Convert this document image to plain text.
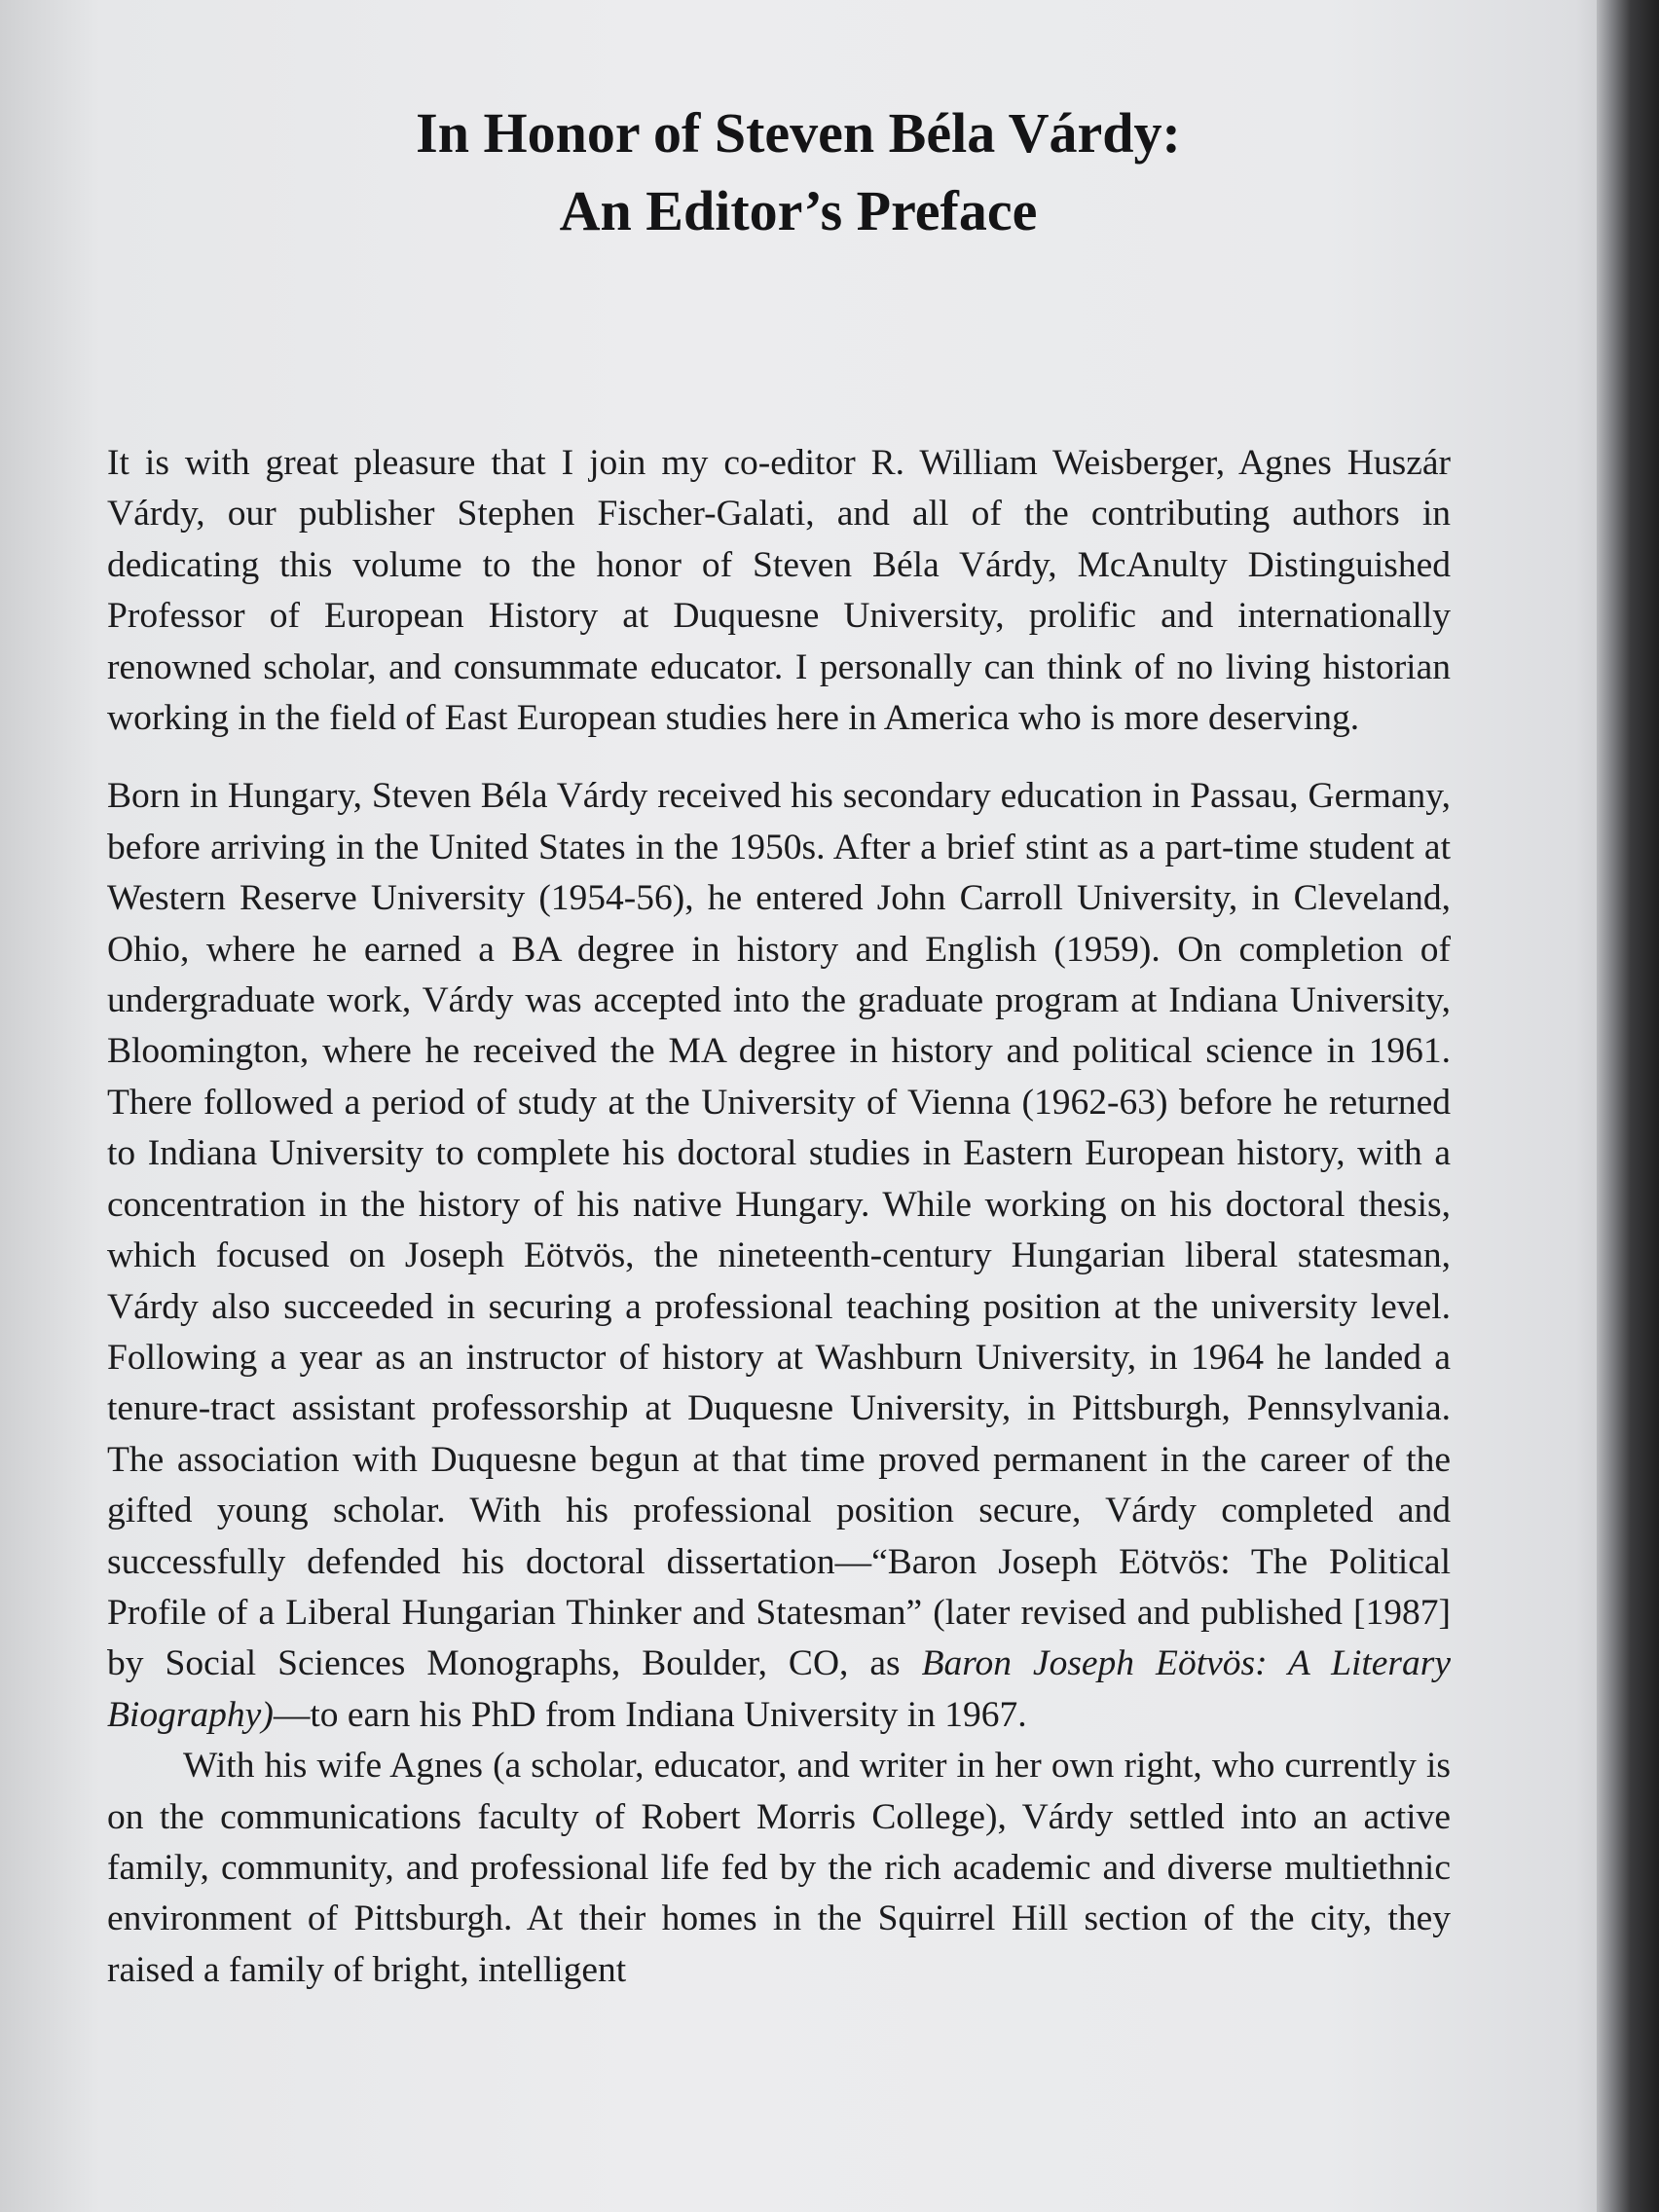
In Honor of Steven Béla Várdy:
An Editor’s Preface

It is with great pleasure that I join my co-editor R. William Weisberger, Agnes Huszár Várdy, our publisher Stephen Fischer-Galati, and all of the contributing authors in dedicating this volume to the honor of Steven Béla Várdy, McAnulty Distinguished Professor of European History at Duquesne University, prolific and internationally renowned scholar, and consummate educator. I personally can think of no living historian working in the field of East European studies here in America who is more deserving.

Born in Hungary, Steven Béla Várdy received his secondary education in Passau, Germany, before arriving in the United States in the 1950s. After a brief stint as a part-time student at Western Reserve University (1954-56), he entered John Carroll University, in Cleveland, Ohio, where he earned a BA degree in history and English (1959). On completion of undergraduate work, Várdy was accepted into the graduate program at Indiana University, Bloomington, where he received the MA degree in history and political science in 1961. There followed a period of study at the University of Vienna (1962-63) before he returned to Indiana University to complete his doctoral studies in Eastern European history, with a concentration in the history of his native Hungary. While working on his doctoral thesis, which focused on Joseph Eötvös, the nineteenth-century Hungarian liberal statesman, Várdy also succeeded in securing a professional teaching position at the university level. Following a year as an instructor of history at Washburn University, in 1964 he landed a tenure-tract assistant professorship at Duquesne University, in Pittsburgh, Pennsylvania. The association with Duquesne begun at that time proved permanent in the career of the gifted young scholar. With his professional position secure, Várdy completed and successfully defended his doctoral dissertation—“Baron Joseph Eötvös: The Political Profile of a Liberal Hungarian Thinker and Statesman” (later revised and published [1987] by Social Sciences Monographs, Boulder, CO, as Baron Joseph Eötvös: A Literary Biography)—to earn his PhD from Indiana University in 1967.

With his wife Agnes (a scholar, educator, and writer in her own right, who currently is on the communications faculty of Robert Morris College), Várdy settled into an active family, community, and professional life fed by the rich academic and diverse multiethnic environment of Pittsburgh. At their homes in the Squirrel Hill section of the city, they raised a family of bright, intelligent
